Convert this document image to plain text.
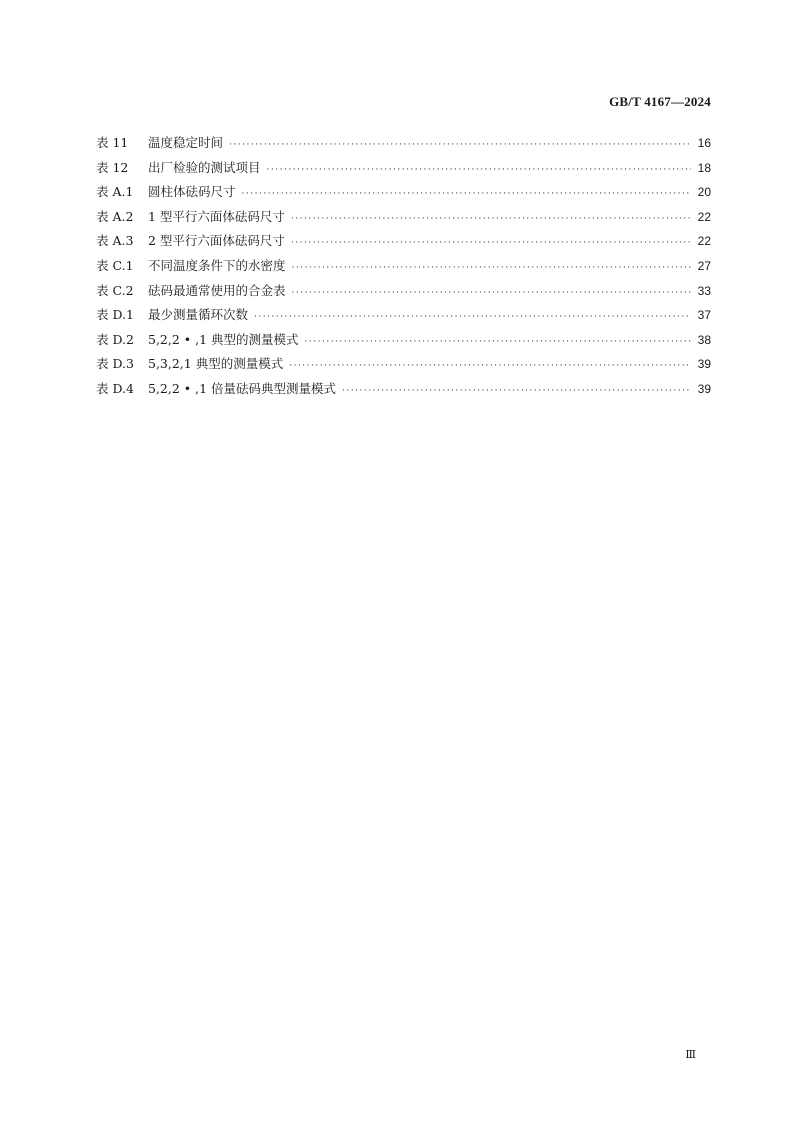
GB/T 4167—2024
表 11	温度稳定时间 ·····	16
表 12	出厂检验的测试项目 ·····	18
表 A.1	圆柱体砝码尺寸 ·····	20
表 A.2	1 型平行六面体砝码尺寸 ·····	22
表 A.3	2 型平行六面体砝码尺寸 ·····	22
表 C.1	不同温度条件下的水密度 ·····	27
表 C.2	砝码最通常使用的合金表 ·····	33
表 D.1	最少测量循环次数 ·····	37
表 D.2	5,2,2 • ,1 典型的测量模式 ·····	38
表 D.3	5,3,2,1 典型的测量模式 ·····	39
表 D.4	5,2,2 • ,1 倍量砝码典型测量模式 ·····	39
Ⅲ
